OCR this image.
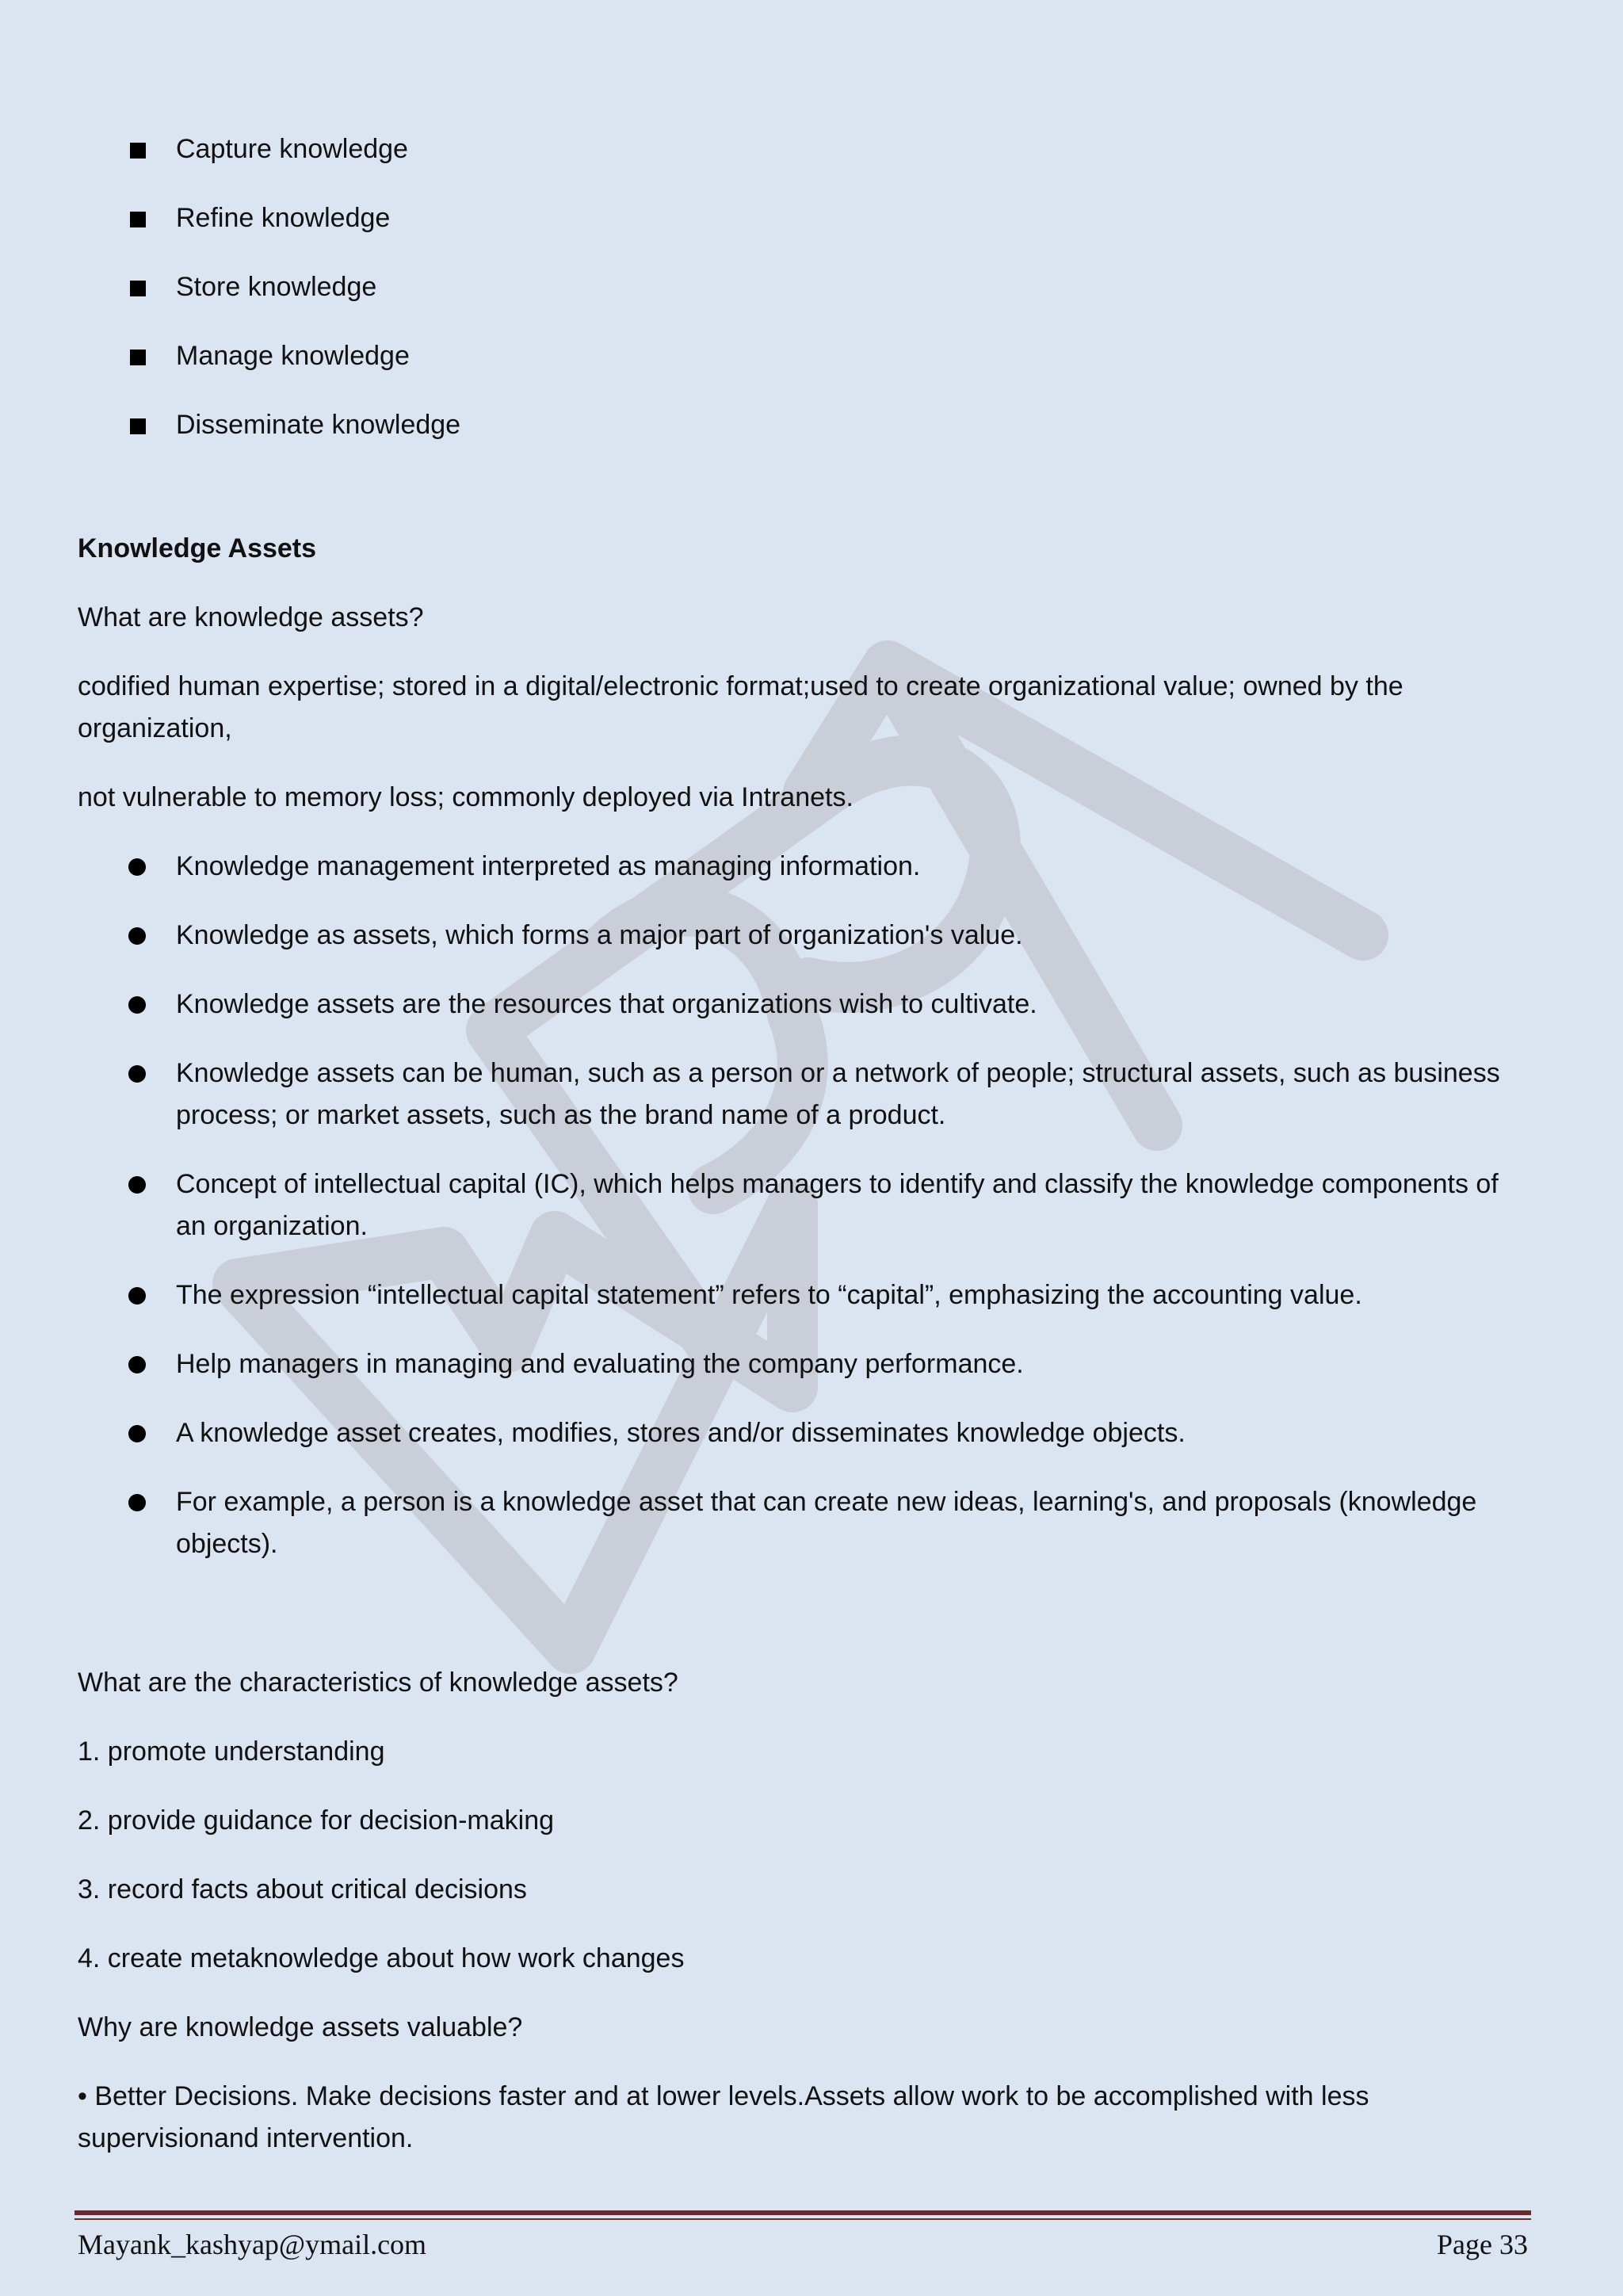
Capture knowledge
Refine knowledge
Store knowledge
Manage knowledge
Disseminate knowledge

Knowledge Assets

What are knowledge assets?

codified human expertise; stored in a digital/electronic format;used to create organizational value; owned by the organization,

not vulnerable to memory loss; commonly deployed via Intranets.

Knowledge management interpreted as managing information.
Knowledge as assets, which forms a major part of organization's value.
Knowledge assets are the resources that organizations wish to cultivate.
Knowledge assets can be human, such as a person or a network of people; structural assets, such as business process; or market assets, such as the brand name of a product.
Concept of intellectual capital (IC), which helps managers to identify and classify the knowledge components of an organization.
The expression “intellectual capital statement” refers to “capital”, emphasizing the accounting value.
Help managers in managing and evaluating the company performance.
A knowledge asset creates, modifies, stores and/or disseminates knowledge objects.
For example, a person is a knowledge asset that can create new ideas, learning's, and proposals (knowledge objects).

What are the characteristics of knowledge assets?

1. promote understanding

2. provide guidance for decision-making

3. record facts about critical decisions

4. create metaknowledge about how work changes

Why are knowledge assets valuable?

• Better Decisions. Make decisions faster and at lower levels.Assets allow work to be accomplished with less supervisionand intervention.

Mayank_kashyap@ymail.com	Page 33
